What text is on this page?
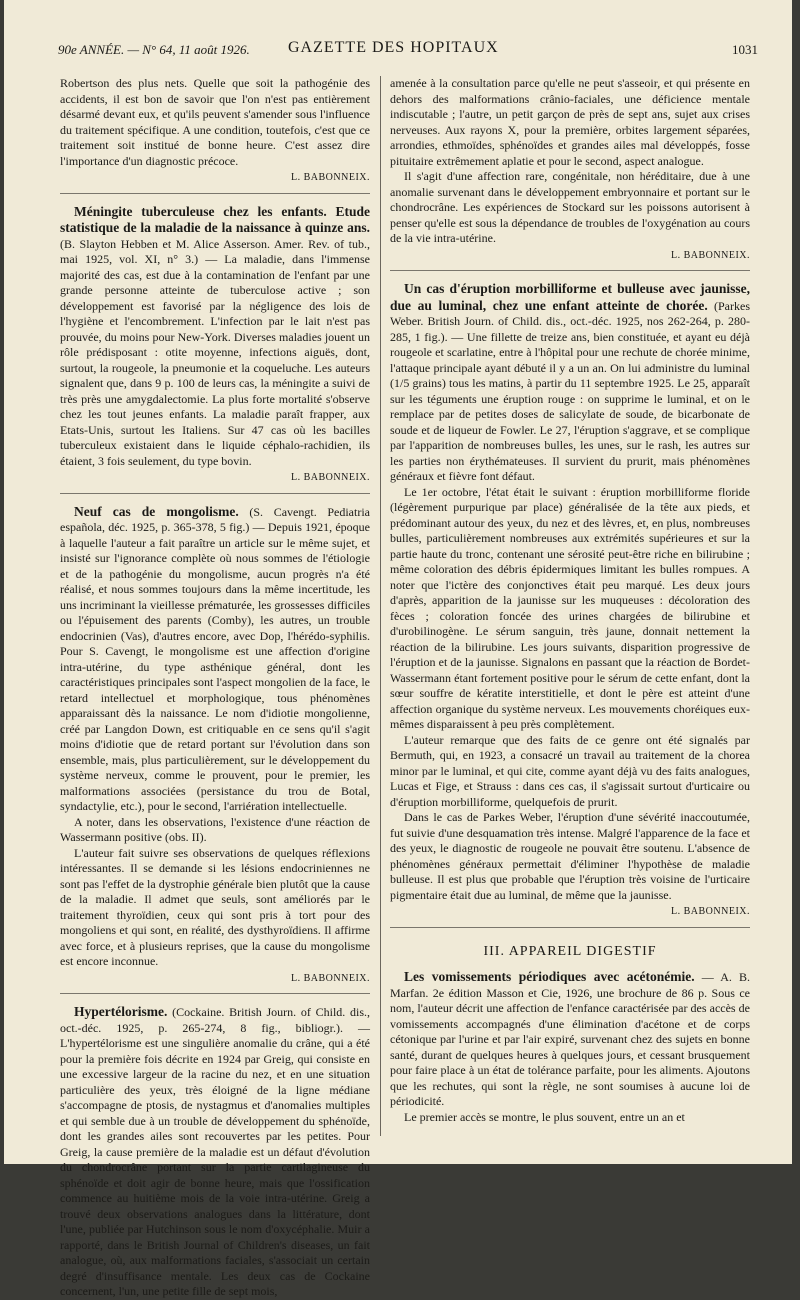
90e ANNÉE. — N° 64, 11 août 1926. GAZETTE DES HOPITAUX	1031

Robertson des plus nets. Quelle que soit la pathogénie des accidents, il est bon de savoir que l'on n'est pas entièrement désarmé devant eux, et qu'ils peuvent s'amender sous l'influence du traitement spécifique. A une condition, toutefois, c'est que ce traitement soit institué de bonne heure. C'est assez dire l'importance d'un diagnostic précoce.

L. BABONNEIX.

Méningite tuberculeuse chez les enfants. Etude statistique de la maladie de la naissance à quinze ans. (B. Slayton Hebben et M. Alice Asserson. Amer. Rev. of tub., mai 1925, vol. XI, n° 3.) — La maladie, dans l'immense majorité des cas, est due à la contamination de l'enfant par une grande personne atteinte de tuberculose active ; son développement est favorisé par la négligence des lois de l'hygiène et l'encombrement. L'infection par le lait n'est pas prouvée, du moins pour New-York. Diverses maladies jouent un rôle prédisposant : otite moyenne, infections aiguës, dont, surtout, la rougeole, la pneumonie et la coqueluche. Les auteurs signalent que, dans 9 p. 100 de leurs cas, la méningite a suivi de très près une amygdalectomie. La plus forte mortalité s'observe chez les tout jeunes enfants. La maladie paraît frapper, aux Etats-Unis, surtout les Italiens. Sur 47 cas où les bacilles tuberculeux existaient dans le liquide céphalo-rachidien, ils étaient, 3 fois seulement, du type bovin.

L. BABONNEIX.

Neuf cas de mongolisme. (S. Cavengt. Pediatria española, déc. 1925, p. 365-378, 5 fig.) — Depuis 1921, époque à laquelle l'auteur a fait paraître un article sur le même sujet, et insisté sur l'ignorance complète où nous sommes de l'étiologie et de la pathogénie du mongolisme, aucun progrès n'a été réalisé, et nous sommes toujours dans la même incertitude, les uns incriminant la vieillesse prématurée, les grossesses difficiles ou l'épuisement des parents (Comby), les autres, un trouble endocrinien (Vas), d'autres encore, avec Dop, l'hérédo-syphilis. Pour S. Cavengt, le mongolisme est une affection d'origine intra-utérine, du type asthénique général, dont les caractéristiques principales sont l'aspect mongolien de la face, le retard intellectuel et morphologique, tous phénomènes apparaissant dès la naissance. Le nom d'idiotie mongolienne, créé par Langdon Down, est critiquable en ce sens qu'il s'agit moins d'idiotie que de retard portant sur l'évolution dans son ensemble, mais, plus particulièrement, sur le développement du système nerveux, comme le prouvent, pour le premier, les malformations associées (persistance du trou de Botal, syndactylie, etc.), pour le second, l'arriération intellectuelle.

A noter, dans les observations, l'existence d'une réaction de Wassermann positive (obs. II).

L'auteur fait suivre ses observations de quelques réflexions intéressantes. Il se demande si les lésions endocriniennes ne sont pas l'effet de la dystrophie générale bien plutôt que la cause de la maladie. Il admet que seuls, sont améliorés par le traitement thyroïdien, ceux qui sont pris à tort pour des mongoliens et qui sont, en réalité, des dysthyroïdiens. Il affirme avec force, et à plusieurs reprises, que la cause du mongolisme est encore inconnue.

L. BABONNEIX.

Hypertélorisme. (Cockaine. British Journ. of Child. dis., oct.-déc. 1925, p. 265-274, 8 fig., bibliogr.). — L'hypertélorisme est une singulière anomalie du crâne, qui a été pour la première fois décrite en 1924 par Greig, qui consiste en une excessive largeur de la racine du nez, et en une situation particulière des yeux, très éloigné de la ligne médiane s'accompagne de ptosis, de nystagmus et d'anomalies multiples et qui semble due à un trouble de développement du sphénoïde, dont les grandes ailes sont recouvertes par les petites. Pour Greig, la cause première de la maladie est un défaut d'évolution du chondrocrâne portant sur la partie cartilagineuse du sphénoïde et doit agir de bonne heure, mais que l'ossification commence au huitième mois de la voie intra-utérine. Greig a trouvé deux observations analogues dans la littérature, dont l'une, publiée par Hutchinson sous le nom d'oxycéphalie. Muir a rapporté, dans le British Journal of Children's diseases, un fait analogue, où, aux malformations faciales, s'associait un certain degré d'insuffisance mentale. Les deux cas de Cockaine concernent, l'un, une petite fille de sept mois,

amenée à la consultation parce qu'elle ne peut s'asseoir, et qui présente en dehors des malformations crânio-faciales, une déficience mentale indiscutable ; l'autre, un petit garçon de près de sept ans, sujet aux crises nerveuses. Aux rayons X, pour la première, orbites largement séparées, arrondies, ethmoïdes, sphénoïdes et grandes ailes mal développés, fosse pituitaire extrêmement aplatie et pour le second, aspect analogue.

Il s'agit d'une affection rare, congénitale, non héréditaire, due à une anomalie survenant dans le développement embryonnaire et portant sur le chondrocrâne. Les expériences de Stockard sur les poissons autorisent à penser qu'elle est sous la dépendance de troubles de l'oxygénation au cours de la vie intra-utérine.

L. BABONNEIX.

Un cas d'éruption morbilliforme et bulleuse avec jaunisse, due au luminal, chez une enfant atteinte de chorée. (Parkes Weber. British Journ. of Child. dis., oct.-déc. 1925, nos 262-264, p. 280-285, 1 fig.). — Une fillette de treize ans, bien constituée, et ayant eu déjà rougeole et scarlatine, entre à l'hôpital pour une rechute de chorée minime, l'attaque principale ayant débuté il y a un an. On lui administre du luminal (1/5 grains) tous les matins, à partir du 11 septembre 1925. Le 25, apparaît sur les téguments une éruption rouge : on supprime le luminal, et on le remplace par de petites doses de salicylate de soude, de bicarbonate de soude et de liqueur de Fowler. Le 27, l'éruption s'aggrave, et se complique par l'apparition de nombreuses bulles, les unes, sur le rash, les autres sur les parties non érythémateuses. Il survient du prurit, mais phénomènes généraux et fièvre font défaut.

Le 1er octobre, l'état était le suivant : éruption morbilliforme floride (légèrement purpurique par place) généralisée de la tête aux pieds, et prédominant autour des yeux, du nez et des lèvres, et, en plus, nombreuses bulles, particulièrement nombreuses aux extrémités supérieures et sur la partie haute du tronc, contenant une sérosité peut-être riche en bilirubine ; même coloration des débris épidermiques limitant les bulles rompues. A noter que l'ictère des conjonctives était peu marqué. Les deux jours d'après, apparition de la jaunisse sur les muqueuses : décoloration des fèces ; coloration foncée des urines chargées de bilirubine et d'urobilinogène. Le sérum sanguin, très jaune, donnait nettement la réaction de la bilirubine. Les jours suivants, disparition progressive de l'éruption et de la jaunisse. Signalons en passant que la réaction de Bordet-Wassermann étant fortement positive pour le sérum de cette enfant, dont la sœur souffre de kératite interstitielle, et dont le père est atteint d'une affection organique du système nerveux. Les mouvements choréiques eux-mêmes disparaissent à peu près complètement.

L'auteur remarque que des faits de ce genre ont été signalés par Bermuth, qui, en 1923, a consacré un travail au traitement de la chorea minor par le luminal, et qui cite, comme ayant déjà vu des faits analogues, Lucas et Fige, et Strauss : dans ces cas, il s'agissait surtout d'urticaire ou d'éruption morbilliforme, quelquefois de prurit.

Dans le cas de Parkes Weber, l'éruption d'une sévérité inaccoutumée, fut suivie d'une desquamation très intense. Malgré l'apparence de la face et des yeux, le diagnostic de rougeole ne pouvait être soutenu. L'absence de phénomènes généraux permettait d'éliminer l'hypothèse de maladie bulleuse. Il est plus que probable que l'éruption très voisine de l'urticaire pigmentaire était due au luminal, de même que la jaunisse.

L. BABONNEIX.
III. APPAREIL DIGESTIF

Les vomissements périodiques avec acétonémie. — A. B. Marfan. 2e édition Masson et Cie, 1926, une brochure de 86 p. Sous ce nom, l'auteur décrit une affection de l'enfance caractérisée par des accès de vomissements accompagnés d'une élimination d'acétone et de corps cétonique par l'urine et par l'air expiré, survenant chez des sujets en bonne santé, durant de quelques heures à quelques jours, et cessant brusquement pour faire place à un état de tolérance parfaite, pour les aliments. Ajoutons que les rechutes, qui sont la règle, ne sont soumises à aucune loi de périodicité.

Le premier accès se montre, le plus souvent, entre un an et
